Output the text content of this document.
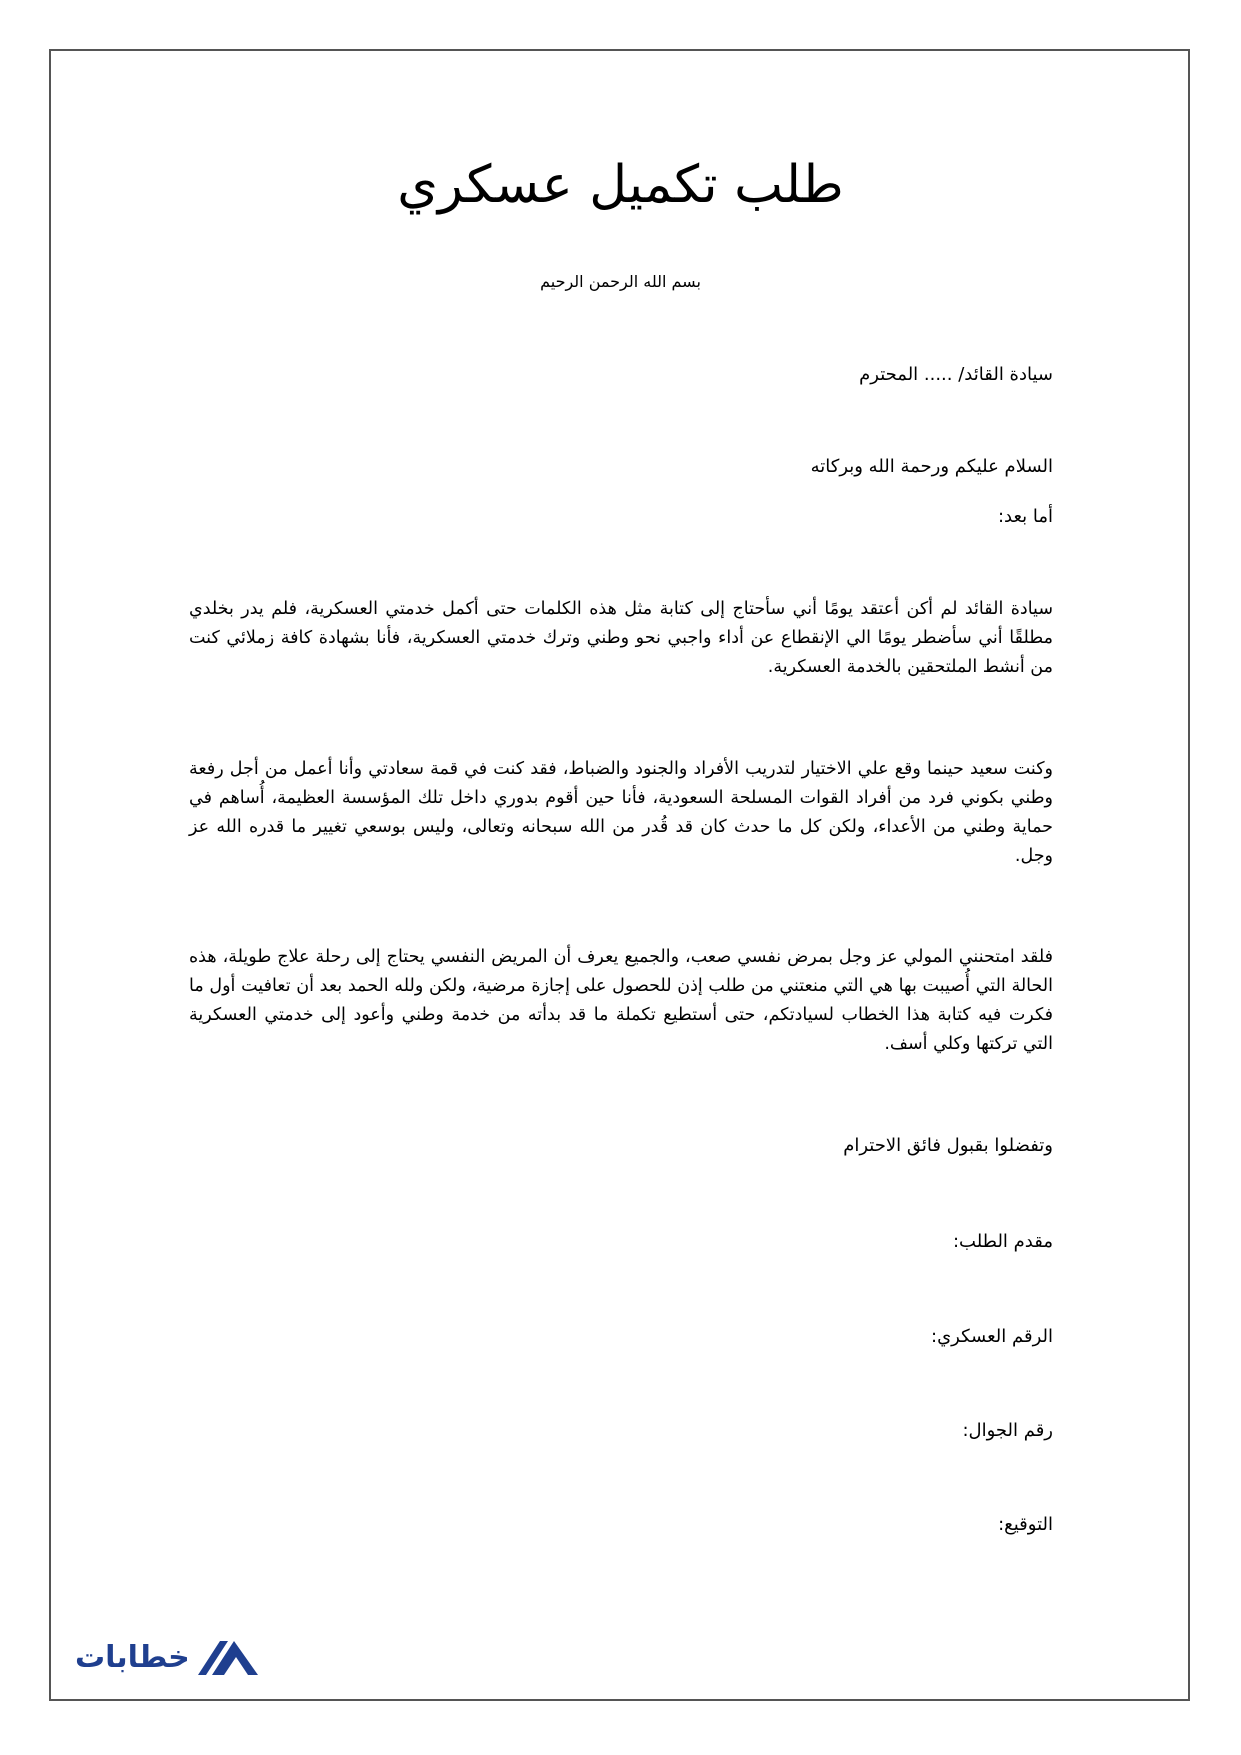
طلب تكميل عسكري
بسم الله الرحمن الرحيم
سيادة القائد/ ..... المحترم
السلام عليكم ورحمة الله وبركاته
أما بعد:
سيادة القائد لم أكن أعتقد يومًا أني سأحتاج إلى كتابة مثل هذه الكلمات حتى أكمل خدمتي العسكرية، فلم يدر بخلدي مطلقًا أني سأضطر يومًا الي الإنقطاع عن أداء واجبي نحو وطني وترك خدمتي العسكرية، فأنا بشهادة كافة زملائي كنت من أنشط الملتحقين بالخدمة العسكرية.
وكنت سعيد حينما وقع علي الاختيار لتدريب الأفراد والجنود والضباط، فقد كنت في قمة سعادتي وأنا أعمل من أجل رفعة وطني بكوني فرد من أفراد القوات المسلحة السعودية، فأنا حين أقوم بدوري داخل تلك المؤسسة العظيمة، أُساهم في حماية وطني من الأعداء، ولكن كل ما حدث كان قد قُدر من الله سبحانه وتعالى، وليس بوسعي تغيير ما قدره الله عز وجل.
فلقد امتحنني المولي عز وجل بمرض نفسي صعب، والجميع يعرف أن المريض النفسي يحتاج إلى رحلة علاج طويلة، هذه الحالة التي أُصيبت بها هي التي منعتني من طلب إذن للحصول على إجازة مرضية، ولكن ولله الحمد بعد أن تعافيت أول ما فكرت فيه كتابة هذا الخطاب لسيادتكم، حتى أستطيع تكملة ما قد بدأته من خدمة وطني وأعود إلى خدمتي العسكرية التي تركتها وكلي أسف.
وتفضلوا بقبول فائق الاحترام
مقدم الطلب:
الرقم العسكري:
رقم الجوال:
التوقيع:
خطابات
